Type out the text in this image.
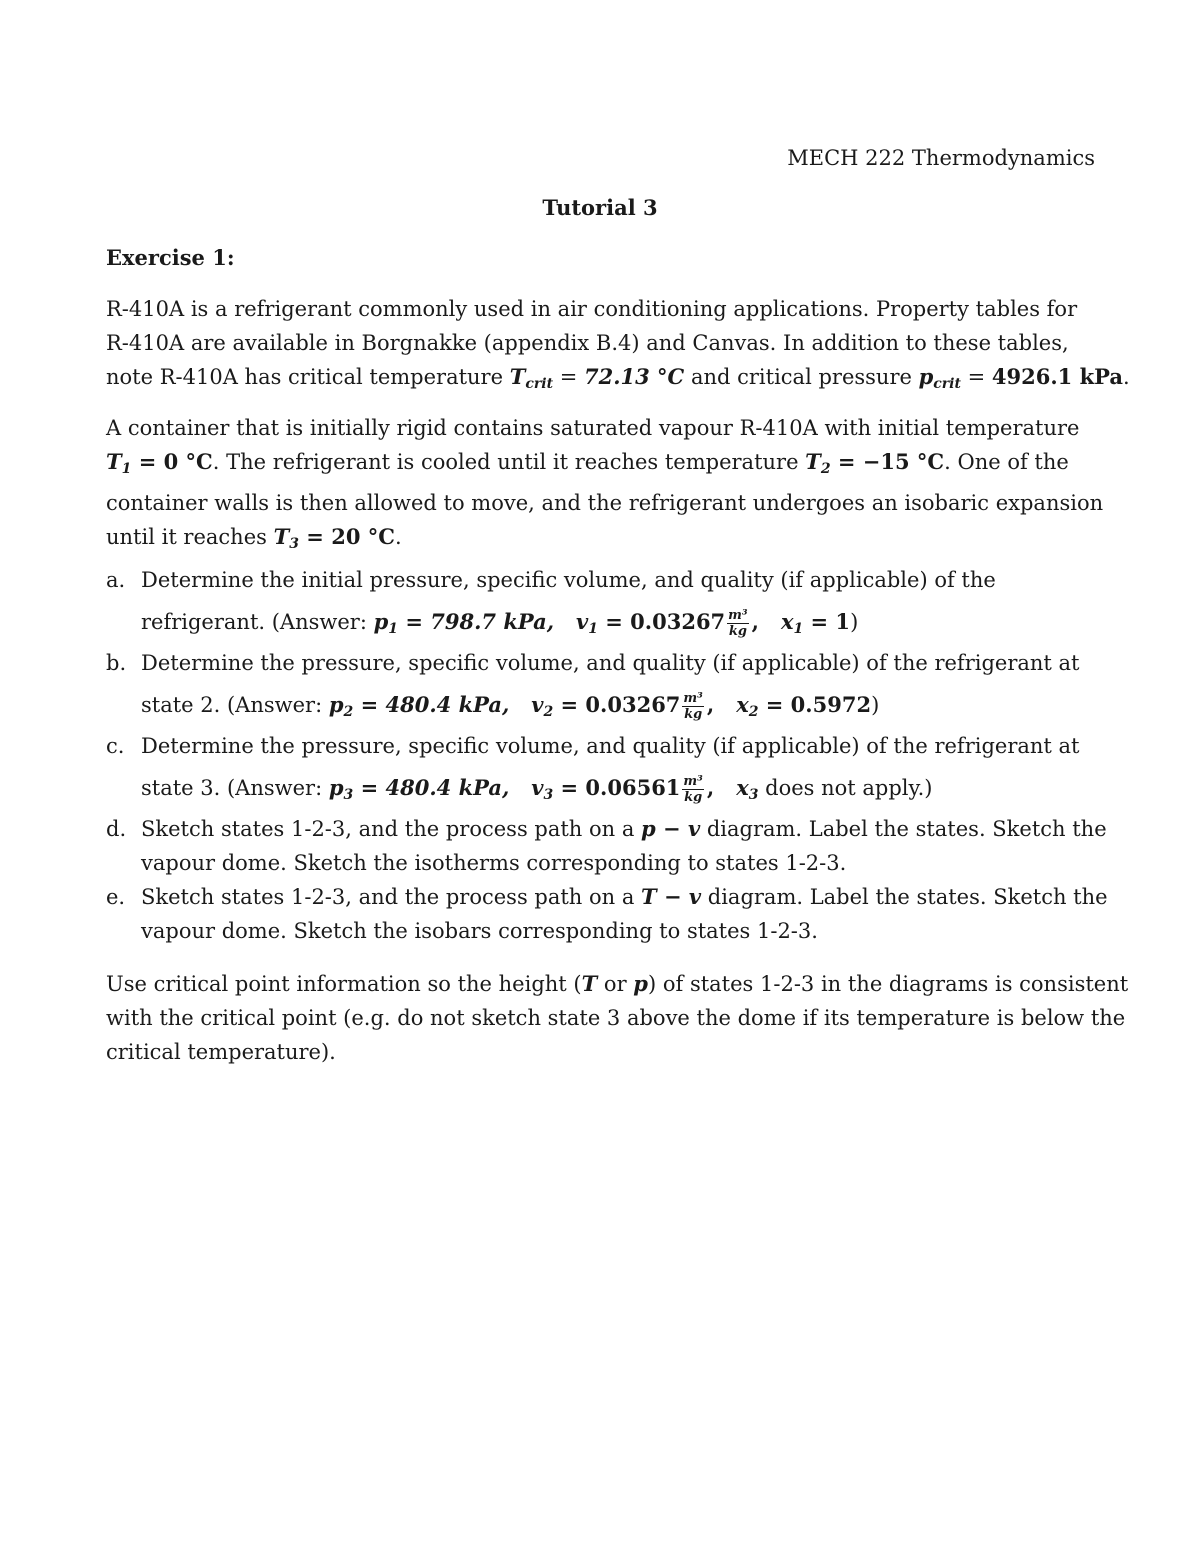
MECH 222 Thermodynamics
Tutorial 3
Exercise 1:
R-410A is a refrigerant commonly used in air conditioning applications. Property tables for
R-410A are available in Borgnakke (appendix B.4) and Canvas. In addition to these tables,
note R-410A has critical temperature $T_{crit} = 72.13$ °C and critical pressure $p_{crit} = 4926.1$ kPa.
A container that is initially rigid contains saturated vapour R-410A with initial temperature
$T_1 = 0$ °C. The refrigerant is cooled until it reaches temperature $T_2 = -15$ °C. One of the
container walls is then allowed to move, and the refrigerant undergoes an isobaric expansion
until it reaches $T_3 = 20$ °C.
a. Determine the initial pressure, specific volume, and quality (if applicable) of the
refrigerant. (Answer: $p_1 = 798.7$ kPa, $v_1 = 0.03267 \frac{\text{m³}}{kg}$ , $x_1 = 1$)
b. Determine the pressure, specific volume, and quality (if applicable) of the refrigerant at
state 2. (Answer: $p_2 = 480.4$ kPa, $v_2 = 0.03267 \frac{\text{m³}}{kg}$ , $x_2 = 0.5972$)
c. Determine the pressure, specific volume, and quality (if applicable) of the refrigerant at
state 3. (Answer: $p_3 = 480.4$ kPa, $v_3 = 0.06561 \frac{\text{m³}}{kg}$ , $x_3$ does not apply.)
d. Sketch states 1-2-3, and the process path on a p − v diagram. Label the states. Sketch the
vapour dome. Sketch the isotherms corresponding to states 1-2-3.
e. Sketch states 1-2-3, and the process path on a T − v diagram. Label the states. Sketch the
vapour dome. Sketch the isobars corresponding to states 1-2-3.
Use critical point information so the height (T or p) of states 1-2-3 in the diagrams is consistent
with the critical point (e.g. do not sketch state 3 above the dome if its temperature is below the
critical temperature).
